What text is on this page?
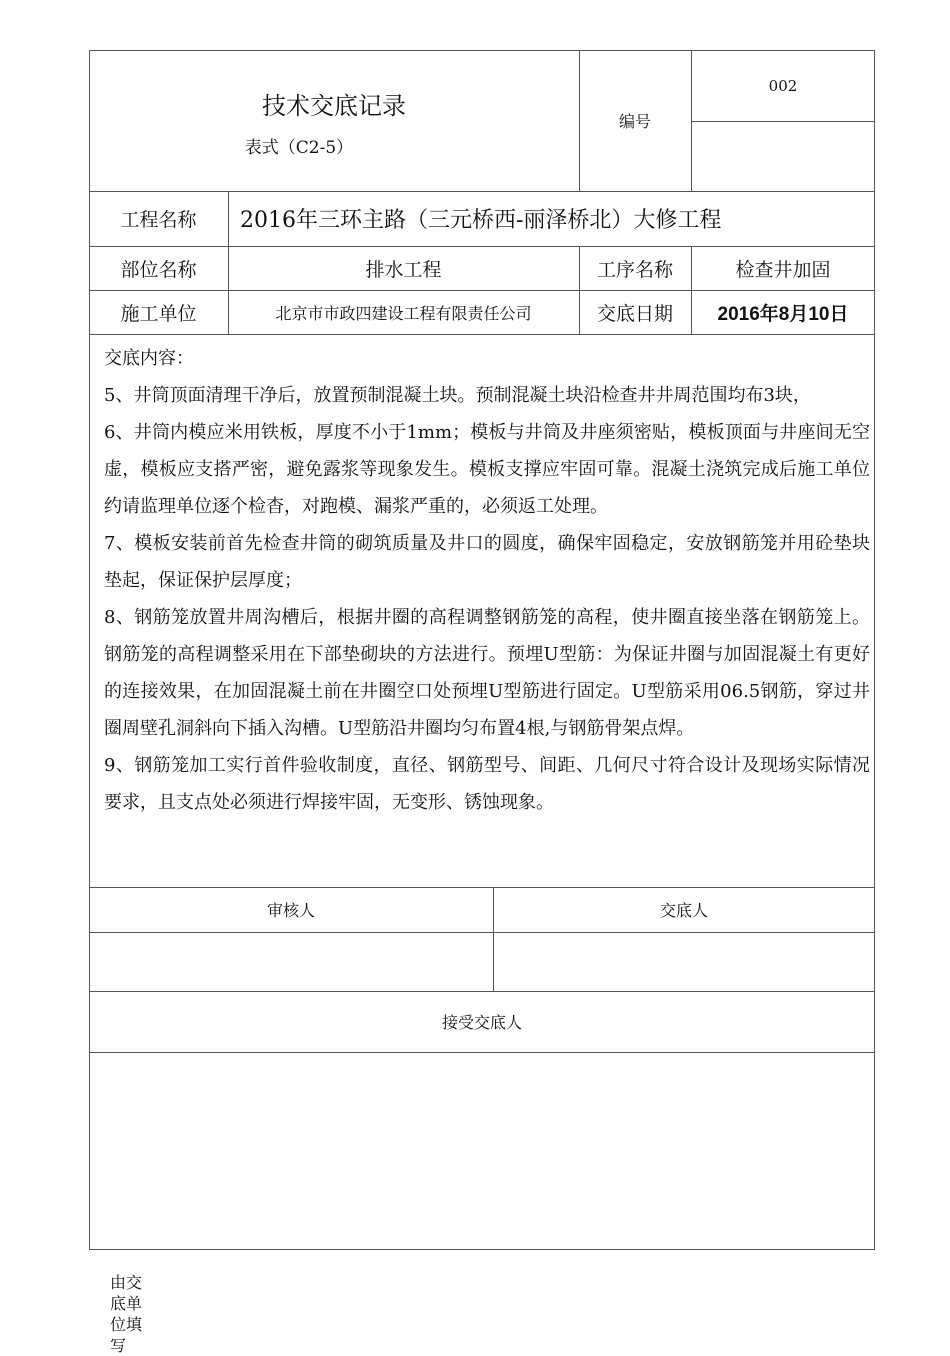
技术交底记录
表式（C2-5）
编号
002
工程名称	2016年三环主路（三元桥西-丽泽桥北）大修工程
部位名称	排水工程	工序名称	检查井加固
施工单位	北京市市政四建设工程有限责任公司	交底日期	2016年8月10日

交底内容：

5、井筒顶面清理干净后，放置预制混凝土块。预制混凝土块沿检查井井周范围均布3块，

6、井筒内模应米用铁板，厚度不小于1mm；模板与井筒及井座须密贴，模板顶面与井座间无空虚，模板应支搭严密，避免露浆等现象发生。模板支撑应牢固可靠。混凝土浇筑完成后施工单位约请监理单位逐个检杳，对跑模、漏浆严重的，必须返工处理。

7、模板安装前首先检查井筒的砌筑质量及井口的圆度，确保牢固稳定，安放钢筋笼并用砼垫块垫起，保证保护层厚度；

8、钢筋笼放置井周沟槽后，根据井圈的高程调整钢筋笼的高程，使井圈直接坐落在钢筋笼上。钢筋笼的高程调整采用在下部垫砌块的方法进行。预埋U型筋：为保证井圈与加固混凝土有更好的连接效果，在加固混凝土前在井圈空口处预埋U型筋进行固定。U型筋采用06.5钢筋，穿过井圈周壁孔洞斜向下插入沟槽。U型筋沿井圈均匀布置4根,与钢筋骨架点焊。

9、钢筋笼加工实行首件验收制度，直径、钢筋型号、间距、几何尺寸符合设计及现场实际情况要求，且支点处必须进行焊接牢固，无变形、锈蚀现象。

审核人	交底人
接受交底人
由交底单位填写
